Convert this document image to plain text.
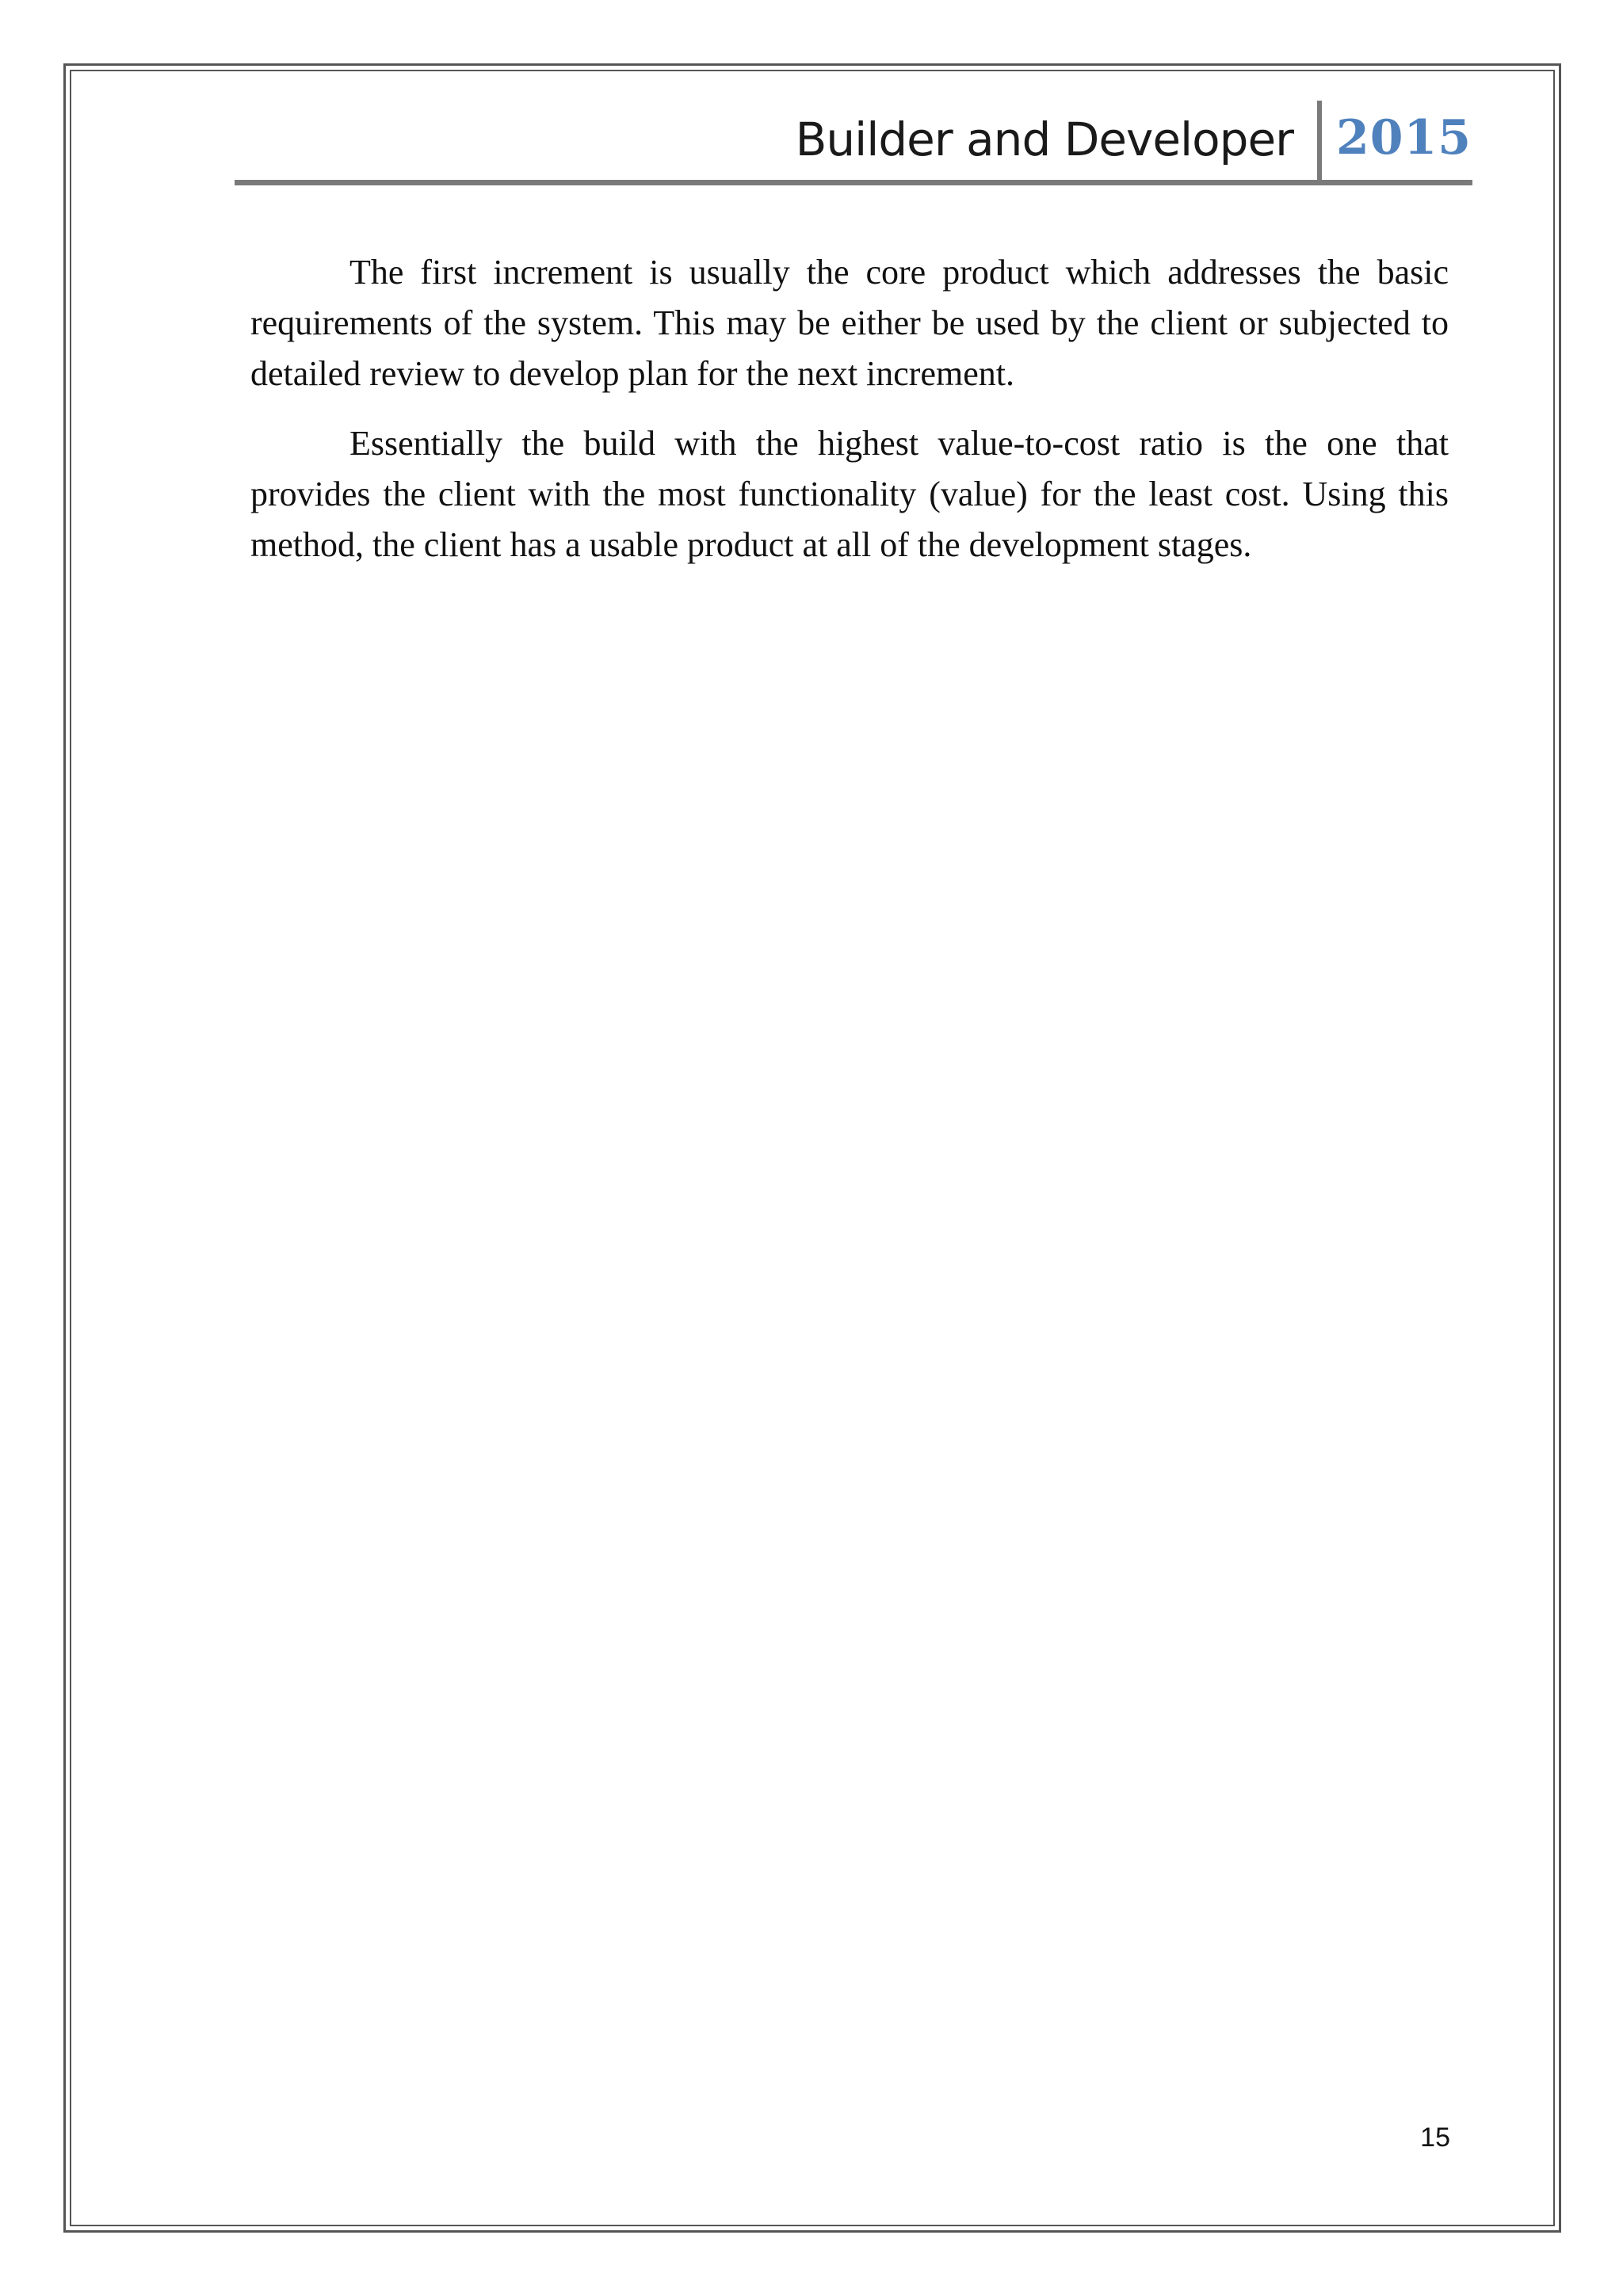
Builder and Developer 2015

The first increment is usually the core product which addresses the basic requirements of the system. This may be either be used by the client or subjected to detailed review to develop plan for the next increment.

Essentially the build with the highest value-to-cost ratio is the one that provides the client with the most functionality (value) for the least cost. Using this method, the client has a usable product at all of the development stages.

15
